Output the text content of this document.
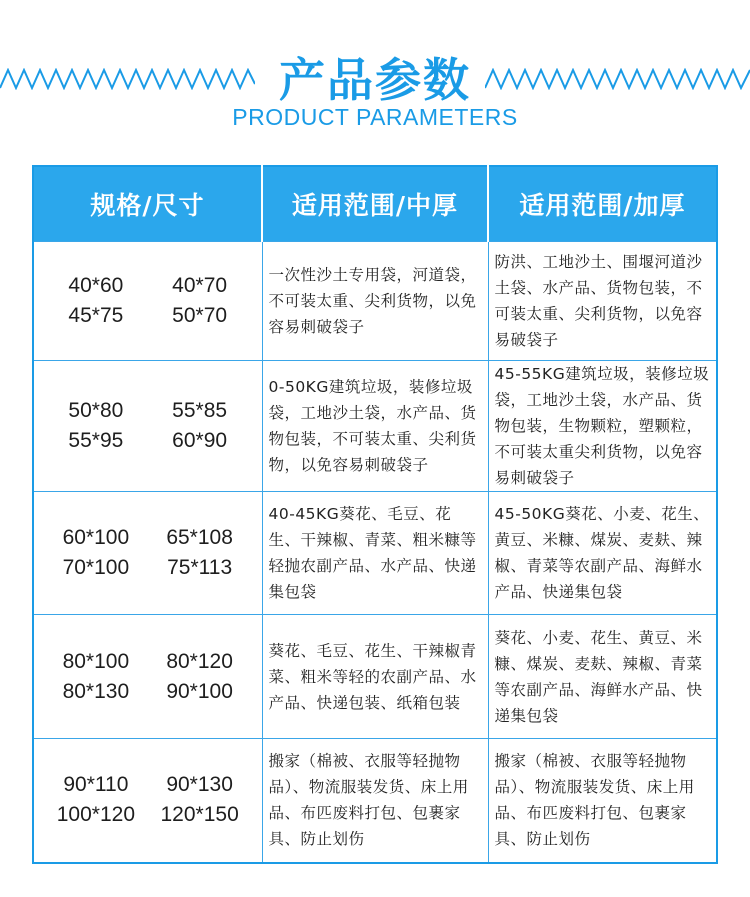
产品参数
PRODUCT PARAMETERS
规格/尺寸	适用范围/中厚	适用范围/加厚

40*60 40*70
45*75 50*70	一次性沙土专用袋，河道袋，不可装太重、尖利货物，以免容易刺破袋子	防洪、工地沙土、围堰河道沙土袋、水产品、货物包装，不可装太重、尖利货物，以免容易破袋子

50*80 55*85
55*95 60*90	0-50KG建筑垃圾，装修垃圾袋，工地沙土袋，水产品、货物包装，不可装太重、尖利货物，以免容易刺破袋子	45-55KG建筑垃圾，装修垃圾袋，工地沙土袋，水产品、货物包装，生物颗粒，塑颗粒，不可装太重尖利货物，以免容易刺破袋子

60*100 65*108
70*100 75*113	40-45KG葵花、毛豆、花生、干辣椒、青菜、粗米糠等轻抛农副产品、水产品、快递集包袋	45-50KG葵花、小麦、花生、黄豆、米糠、煤炭、麦麸、辣椒、青菜等农副产品、海鲜水产品、快递集包袋

80*100 80*120
80*130 90*100	葵花、毛豆、花生、干辣椒青菜、粗米等轻的农副产品、水产品、快递包装、纸箱包装	葵花、小麦、花生、黄豆、米糠、煤炭、麦麸、辣椒、青菜等农副产品、海鲜水产品、快递集包袋

90*110 90*130
100*120 120*150	搬家（棉被、衣服等轻抛物品）、物流服装发货、床上用品、布匹废料打包、包裹家具、防止划伤	搬家（棉被、衣服等轻抛物品）、物流服装发货、床上用品、布匹废料打包、包裹家具、防止划伤
